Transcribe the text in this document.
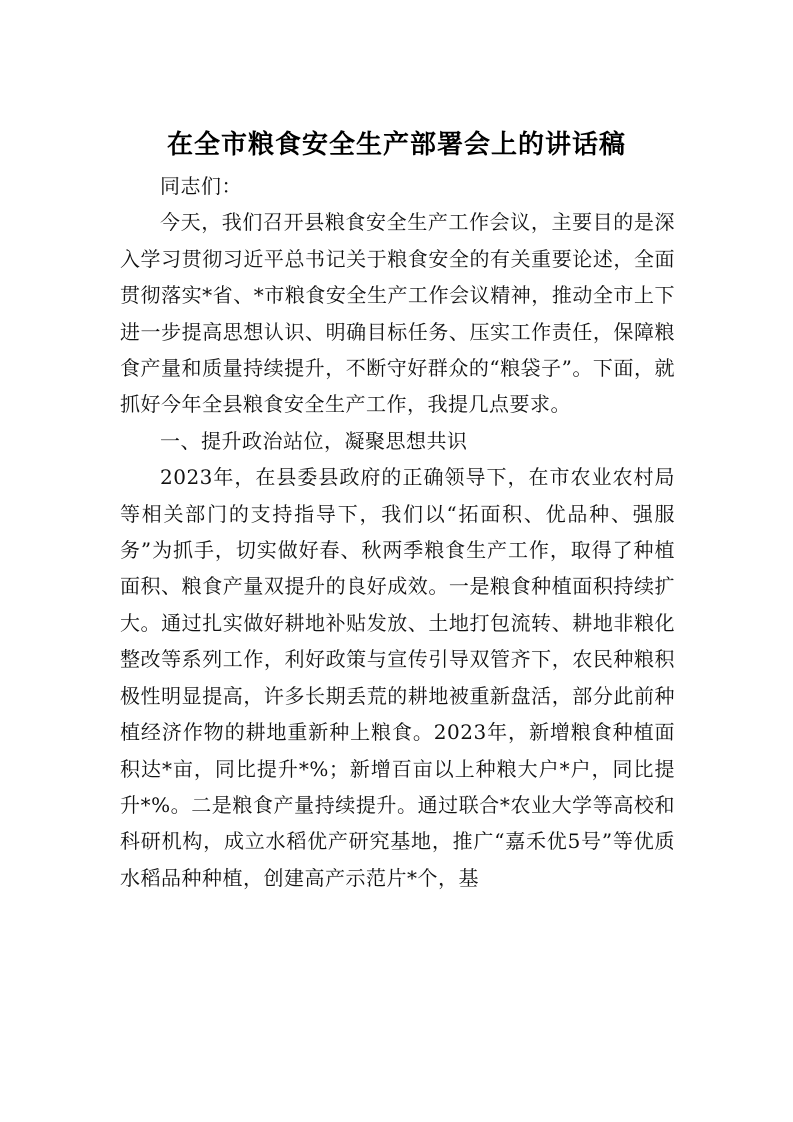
在全市粮食安全生产部署会上的讲话稿

同志们：

今天，我们召开县粮食安全生产工作会议，主要目的是深入学习贯彻习近平总书记关于粮食安全的有关重要论述，全面贯彻落实*省、*市粮食安全生产工作会议精神，推动全市上下进一步提高思想认识、明确目标任务、压实工作责任，保障粮食产量和质量持续提升，不断守好群众的“粮袋子”。下面，就抓好今年全县粮食安全生产工作，我提几点要求。

一、提升政治站位，凝聚思想共识

2023年，在县委县政府的正确领导下，在市农业农村局等相关部门的支持指导下，我们以“拓面积、优品种、强服务”为抓手，切实做好春、秋两季粮食生产工作，取得了种植面积、粮食产量双提升的良好成效。一是粮食种植面积持续扩大。通过扎实做好耕地补贴发放、土地打包流转、耕地非粮化整改等系列工作，利好政策与宣传引导双管齐下，农民种粮积极性明显提高，许多长期丢荒的耕地被重新盘活，部分此前种植经济作物的耕地重新种上粮食。2023年，新增粮食种植面积达*亩，同比提升*%；新增百亩以上种粮大户*户，同比提升*%。二是粮食产量持续提升。通过联合*农业大学等高校和科研机构，成立水稻优产研究基地，推广“嘉禾优5号”等优质水稻品种种植，创建高产示范片*个，基
